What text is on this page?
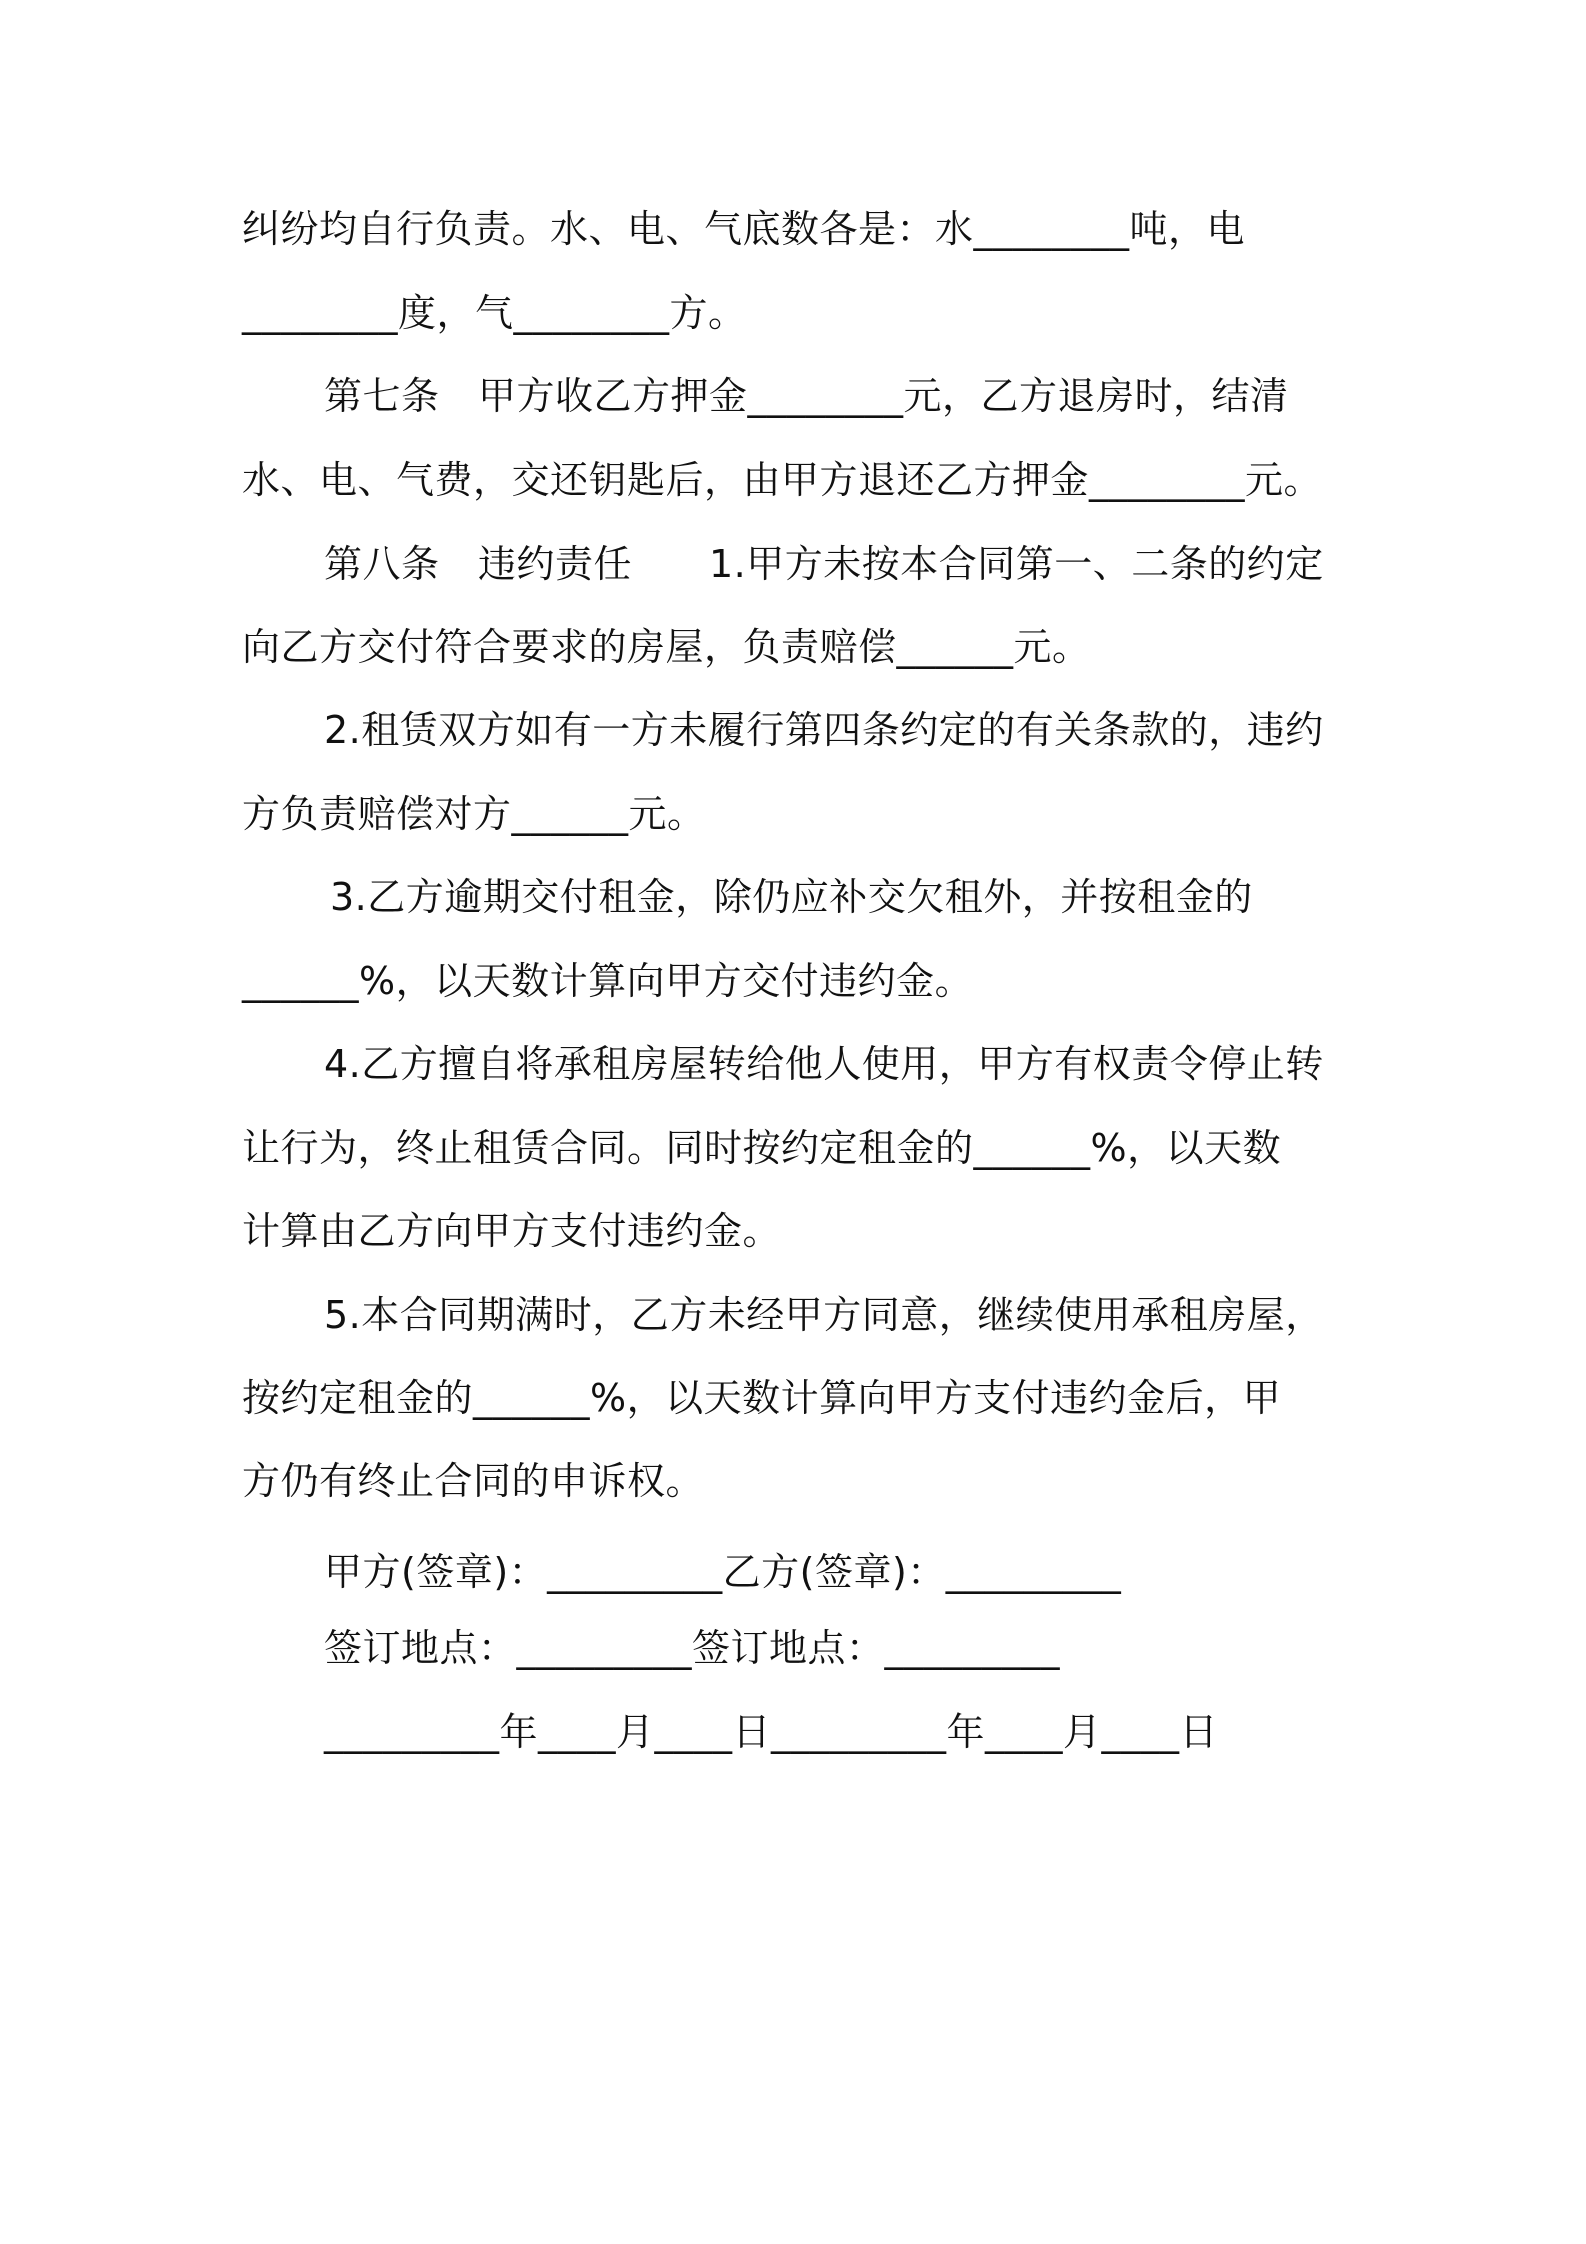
纠纷均自行负责。水、电、气底数各是：水________吨，电
________度，气________方。
第七条　甲方收乙方押金________元，乙方退房时，结清
水、电、气费，交还钥匙后，由甲方退还乙方押金________元。
第八条　违约责任　　1.甲方未按本合同第一、二条的约定
向乙方交付符合要求的房屋，负责赔偿______元。
2.租赁双方如有一方未履行第四条约定的有关条款的，违约
方负责赔偿对方______元。
3.乙方逾期交付租金，除仍应补交欠租外，并按租金的
______%，以天数计算向甲方交付违约金。
4.乙方擅自将承租房屋转给他人使用，甲方有权责令停止转
让行为，终止租赁合同。同时按约定租金的______%，以天数
计算由乙方向甲方支付违约金。
5.本合同期满时，乙方未经甲方同意，继续使用承租房屋，
按约定租金的______%，以天数计算向甲方支付违约金后，甲
方仍有终止合同的申诉权。
甲方(签章)：_________乙方(签章)：_________
签订地点：_________签订地点：_________
_________年____月____日_________年____月____日
